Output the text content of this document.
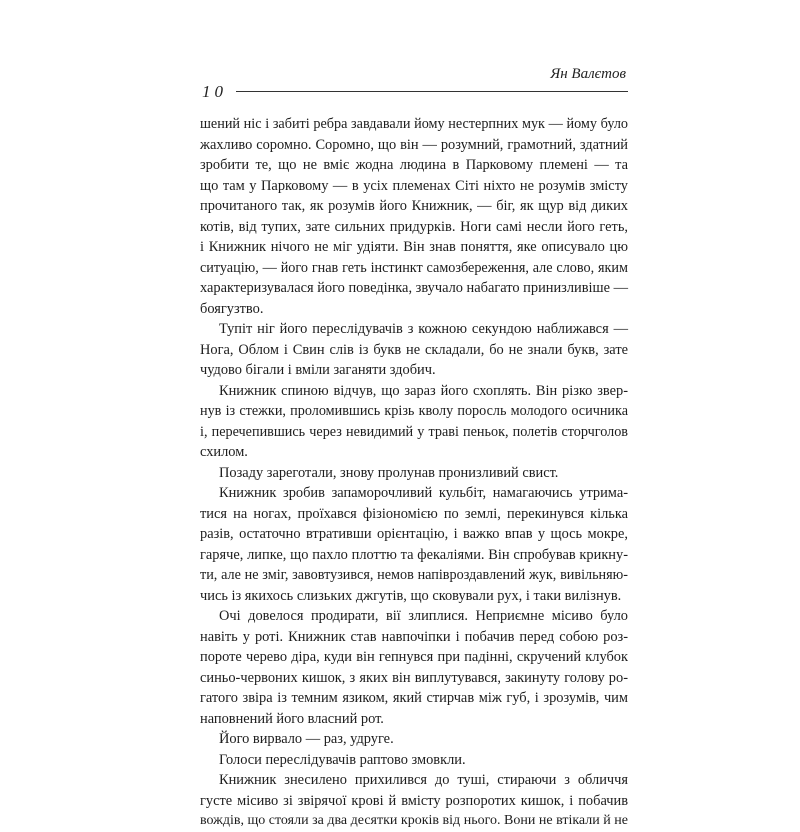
10
Ян Валєтов
шений ніс і забиті ребра завдавали йому нестерпних мук — йому було
жахливо соромно. Соромно, що він — розумний, грамотний, здатний
зробити те, що не вміє жодна людина в Парковому племені — та
що там у Парковому — в усіх племенах Сіті ніхто не розумів змісту
прочитаного так, як розумів його Книжник, — біг, як щур від диких
котів, від тупих, зате сильних придурків. Ноги самі несли його геть,
і Книжник нічого не міг удіяти. Він знав поняття, яке описувало цю
ситуацію, — його гнав геть інстинкт самозбереження, але слово, яким
характеризувалася його поведінка, звучало набагато принизливіше —
боягузтво.
Тупіт ніг його переслідувачів з кожною секундою наближався —
Нога, Облом і Свин слів із букв не складали, бо не знали букв, зате
чудово бігали і вміли заганяти здобич.
Книжник спиною відчув, що зараз його схоплять. Він різко звер-
нув із стежки, проломившись крізь кволу поросль молодого осичника
і, перечепившись через невидимий у траві пеньок, полетів сторчголов
схилом.
Позаду зареготали, знову пролунав пронизливий свист.
Книжник зробив запаморочливий кульбіт, намагаючись утрима-
тися на ногах, проїхався фізіономією по землі, перекинувся кілька
разів, остаточно втративши орієнтацію, і важко впав у щось мокре,
гаряче, липке, що пахло плоттю та фекаліями. Він спробував крикну-
ти, але не зміг, завовтузився, немов напівроздавлений жук, вивільняю-
чись із якихось слизьких джгутів, що сковували рух, і таки вилізнув.
Очі довелося продирати, вії злиплися. Неприємне місиво було
навіть у роті. Книжник став навпочіпки і побачив перед собою роз-
пороте черево діра, куди він гепнувся при падінні, скручений клубок
синьо-червоних кишок, з яких він виплутувався, закинуту голову ро-
гатого звіра із темним язиком, який стирчав між губ, і зрозумів, чим
наповнений його власний рот.
Його вирвало — раз, удруге.
Голоси переслідувачів раптово змовкли.
Книжник знесилено прихилився до туші, стираючи з обличчя
густе місиво зі звірячої крові й вмісту розпоротих кишок, і побачив
вождів, що стояли за два десятки кроків від нього. Вони не втікали й не
